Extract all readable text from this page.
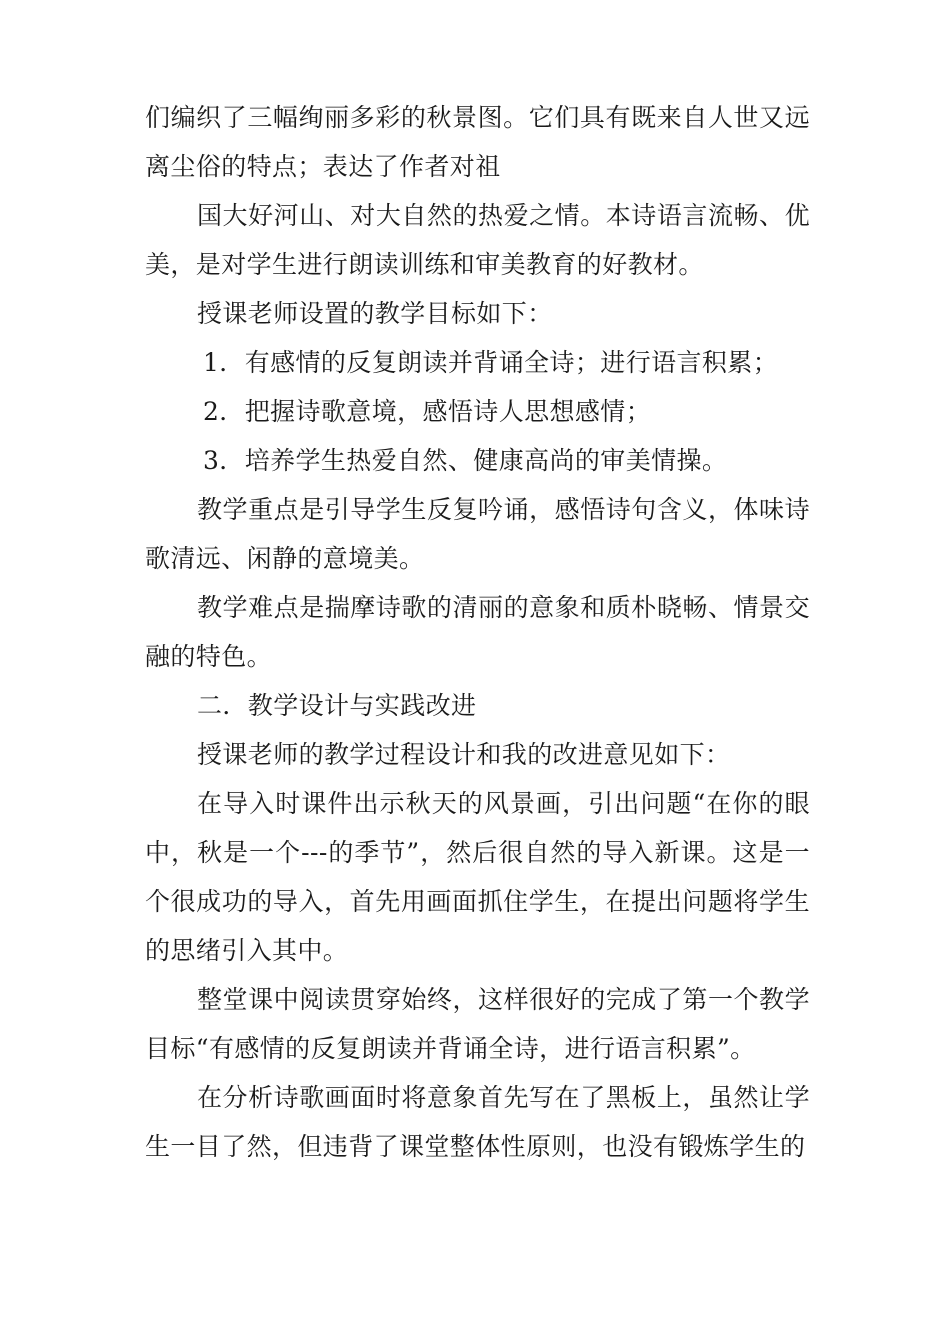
们编织了三幅绚丽多彩的秋景图。它们具有既来自人世又远离尘俗的特点；表达了作者对祖

国大好河山、对大自然的热爱之情。本诗语言流畅、优美，是对学生进行朗读训练和审美教育的好教材。

授课老师设置的教学目标如下：

1．有感情的反复朗读并背诵全诗；进行语言积累；

2．把握诗歌意境，感悟诗人思想感情；

3．培养学生热爱自然、健康高尚的审美情操。

教学重点是引导学生反复吟诵，感悟诗句含义，体味诗歌清远、闲静的意境美。

教学难点是揣摩诗歌的清丽的意象和质朴晓畅、情景交融的特色。

二．教学设计与实践改进

授课老师的教学过程设计和我的改进意见如下：

在导入时课件出示秋天的风景画，引出问题“在你的眼中，秋是一个---的季节”，然后很自然的导入新课。这是一个很成功的导入，首先用画面抓住学生，在提出问题将学生的思绪引入其中。

整堂课中阅读贯穿始终，这样很好的完成了第一个教学目标“有感情的反复朗读并背诵全诗，进行语言积累”。

在分析诗歌画面时将意象首先写在了黑板上，虽然让学生一目了然，但违背了课堂整体性原则，也没有锻炼学生的
